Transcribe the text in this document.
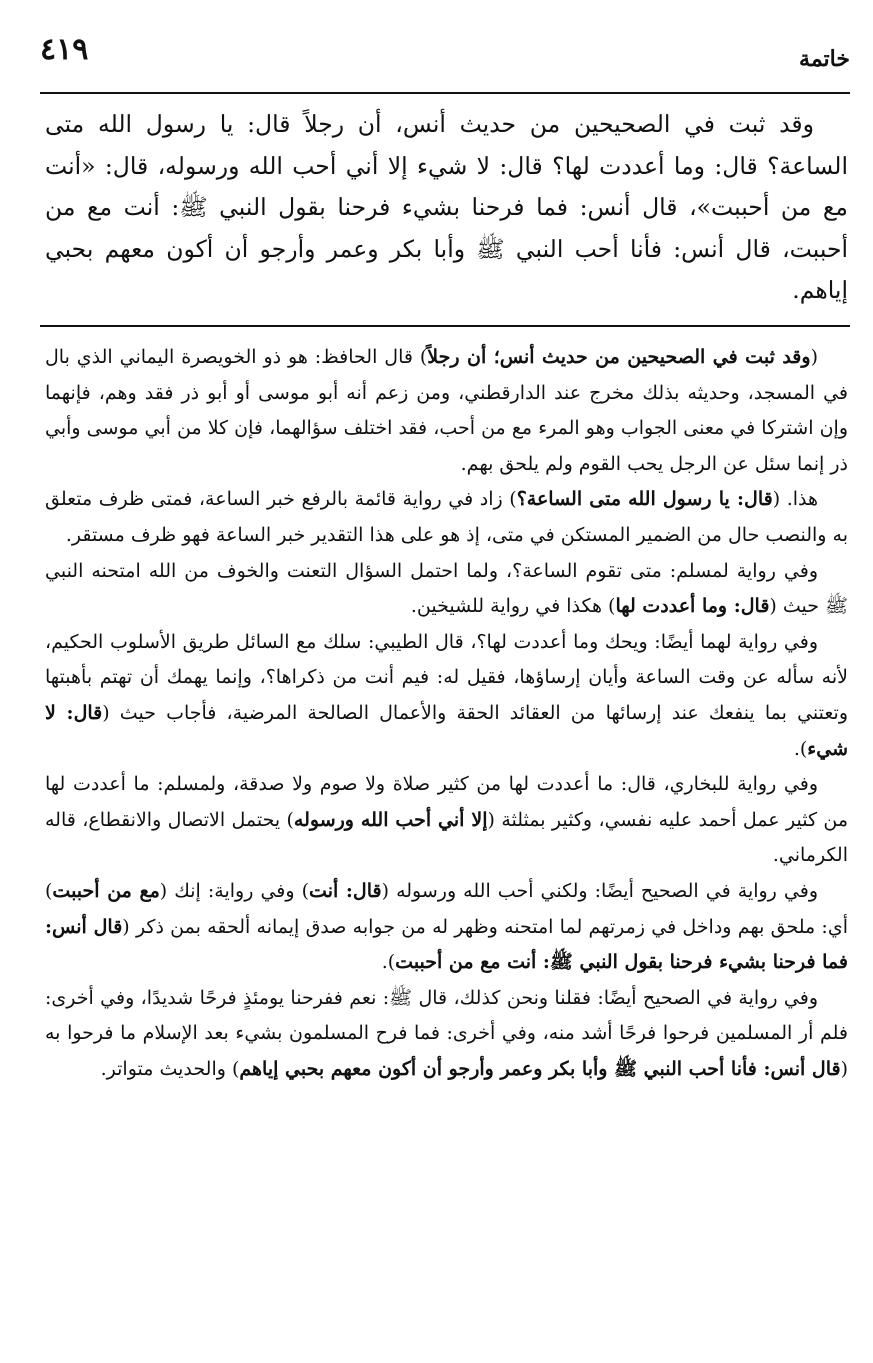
خاتمة
٤١٩

وقد ثبت في الصحيحين من حديث أنس، أن رجلاً قال: يا رسول الله متى الساعة؟ قال: وما أعددت لها؟ قال: لا شيء إلا أني أحب الله ورسوله، قال: «أنت مع من أحببت»، قال أنس: فما فرحنا بشيء فرحنا بقول النبي ﷺ: أنت مع من أحببت، قال أنس: فأنا أحب النبي ﷺ وأبا بكر وعمر وأرجو أن أكون معهم بحبي إياهم.

(وقد ثبت في الصحيحين من حديث أنس؛ أن رجلاً) قال الحافظ: هو ذو الخويصرة اليماني الذي بال في المسجد، وحديثه بذلك مخرج عند الدارقطني، ومن زعم أنه أبو موسى أو أبو ذر فقد وهم، فإنهما وإن اشتركا في معنى الجواب وهو المرء مع من أحب، فقد اختلف سؤالهما، فإن كلا من أبي موسى وأبي ذر إنما سئل عن الرجل يحب القوم ولم يلحق بهم.

هذا. (قال: يا رسول الله متى الساعة؟) زاد في رواية قائمة بالرفع خبر الساعة، فمتى ظرف متعلق به والنصب حال من الضمير المستكن في متى، إذ هو على هذا التقدير خبر الساعة فهو ظرف مستقر.

وفي رواية لمسلم: متى تقوم الساعة؟، ولما احتمل السؤال التعنت والخوف من الله امتحنه النبي ﷺ حيث (قال: وما أعددت لها) هكذا في رواية للشيخين.

وفي رواية لهما أيضًا: ويحك وما أعددت لها؟، قال الطيبي: سلك مع السائل طريق الأسلوب الحكيم، لأنه سأله عن وقت الساعة وأيان إرساؤها، فقيل له: فيم أنت من ذكراها؟، وإنما يهمك أن تهتم بأهبتها وتعتني بما ينفعك عند إرسائها من العقائد الحقة والأعمال الصالحة المرضية، فأجاب حيث (قال: لا شيء).

وفي رواية للبخاري، قال: ما أعددت لها من كثير صلاة ولا صوم ولا صدقة، ولمسلم: ما أعددت لها من كثير عمل أحمد عليه نفسي، وكثير بمثلثة (إلا أني أحب الله ورسوله) يحتمل الاتصال والانقطاع، قاله الكرماني.

وفي رواية في الصحيح أيضًا: ولكني أحب الله ورسوله (قال: أنت) وفي رواية: إنك (مع من أحببت) أي: ملحق بهم وداخل في زمرتهم لما امتحنه وظهر له من جوابه صدق إيمانه ألحقه بمن ذكر (قال أنس: فما فرحنا بشيء فرحنا بقول النبي ﷺ: أنت مع من أحببت).

وفي رواية في الصحيح أيضًا: فقلنا ونحن كذلك، قال ﷺ: نعم ففرحنا يومئذٍ فرحًا شديدًا، وفي أخرى: فلم أر المسلمين فرحوا فرحًا أشد منه، وفي أخرى: فما فرح المسلمون بشيء بعد الإسلام ما فرحوا به (قال أنس: فأنا أحب النبي ﷺ وأبا بكر وعمر وأرجو أن أكون معهم بحبي إياهم) والحديث متواتر.
